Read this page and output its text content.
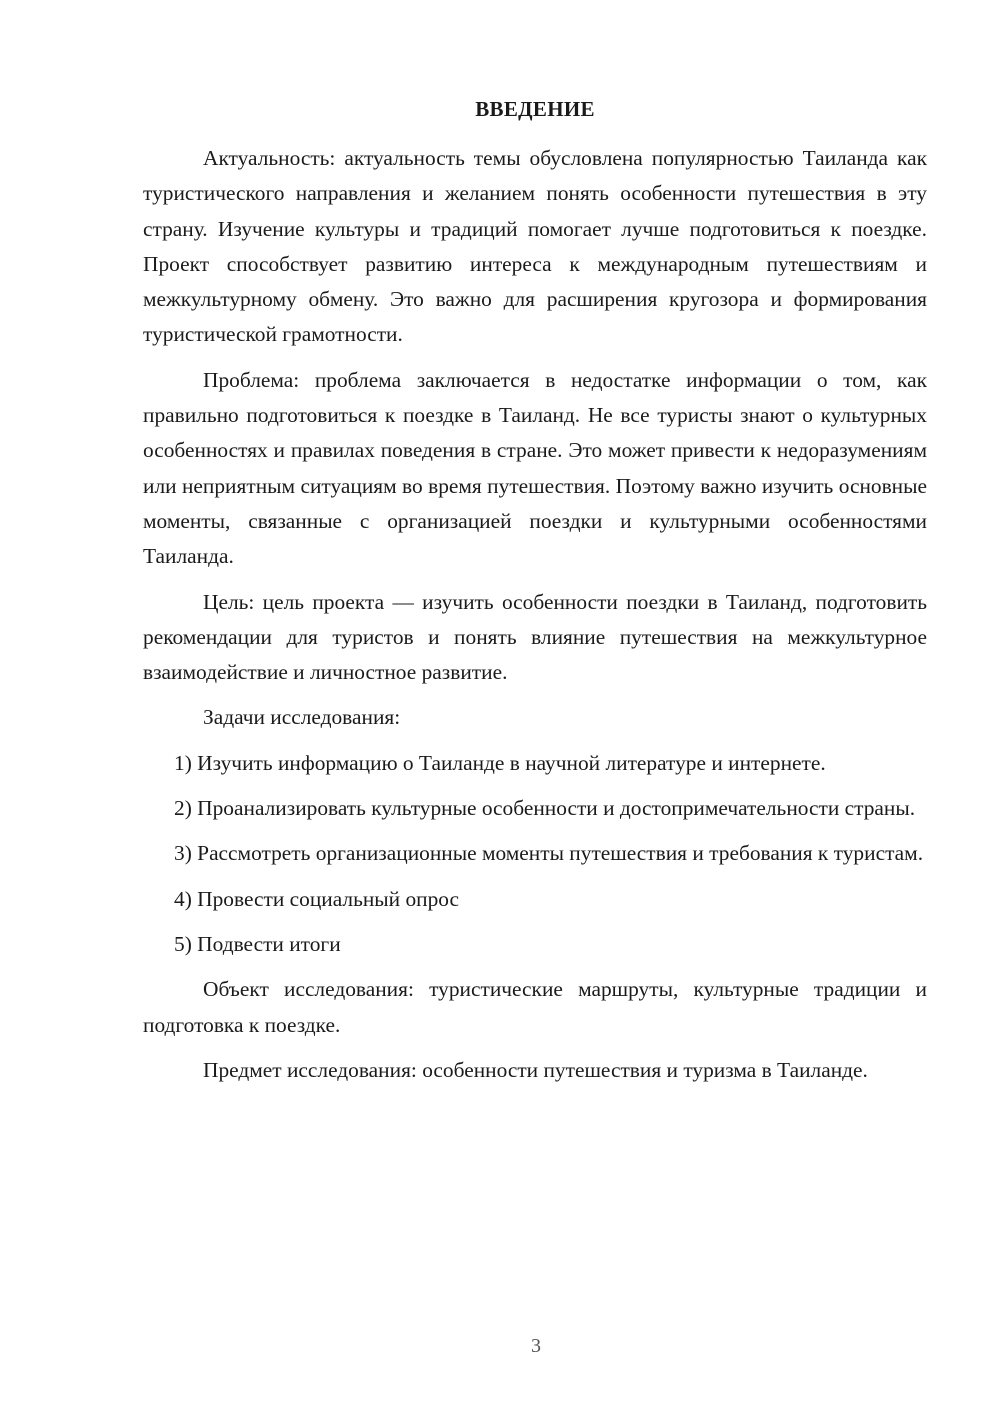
ВВЕДЕНИЕ

Актуальность: актуальность темы обусловлена популярностью Таиланда как туристического направления и желанием понять особенности путешествия в эту страну. Изучение культуры и традиций помогает лучше подготовиться к поездке. Проект способствует развитию интереса к международным путешествиям и межкультурному обмену. Это важно для расширения кругозора и формирования туристической грамотности.

Проблема: проблема заключается в недостатке информации о том, как правильно подготовиться к поездке в Таиланд. Не все туристы знают о культурных особенностях и правилах поведения в стране. Это может привести к недоразумениям или неприятным ситуациям во время путешествия. Поэтому важно изучить основные моменты, связанные с организацией поездки и культурными особенностями Таиланда.

Цель: цель проекта — изучить особенности поездки в Таиланд, подготовить рекомендации для туристов и понять влияние путешествия на межкультурное взаимодействие и личностное развитие.

Задачи исследования:

1) Изучить информацию о Таиланде в научной литературе и интернете.

2) Проанализировать культурные особенности и достопримечательности страны.

3) Рассмотреть организационные моменты путешествия и требования к туристам.

4) Провести социальный опрос

5) Подвести итоги

Объект исследования: туристические маршруты, культурные традиции и подготовка к поездке.

Предмет исследования: особенности путешествия и туризма в Таиланде.

3
